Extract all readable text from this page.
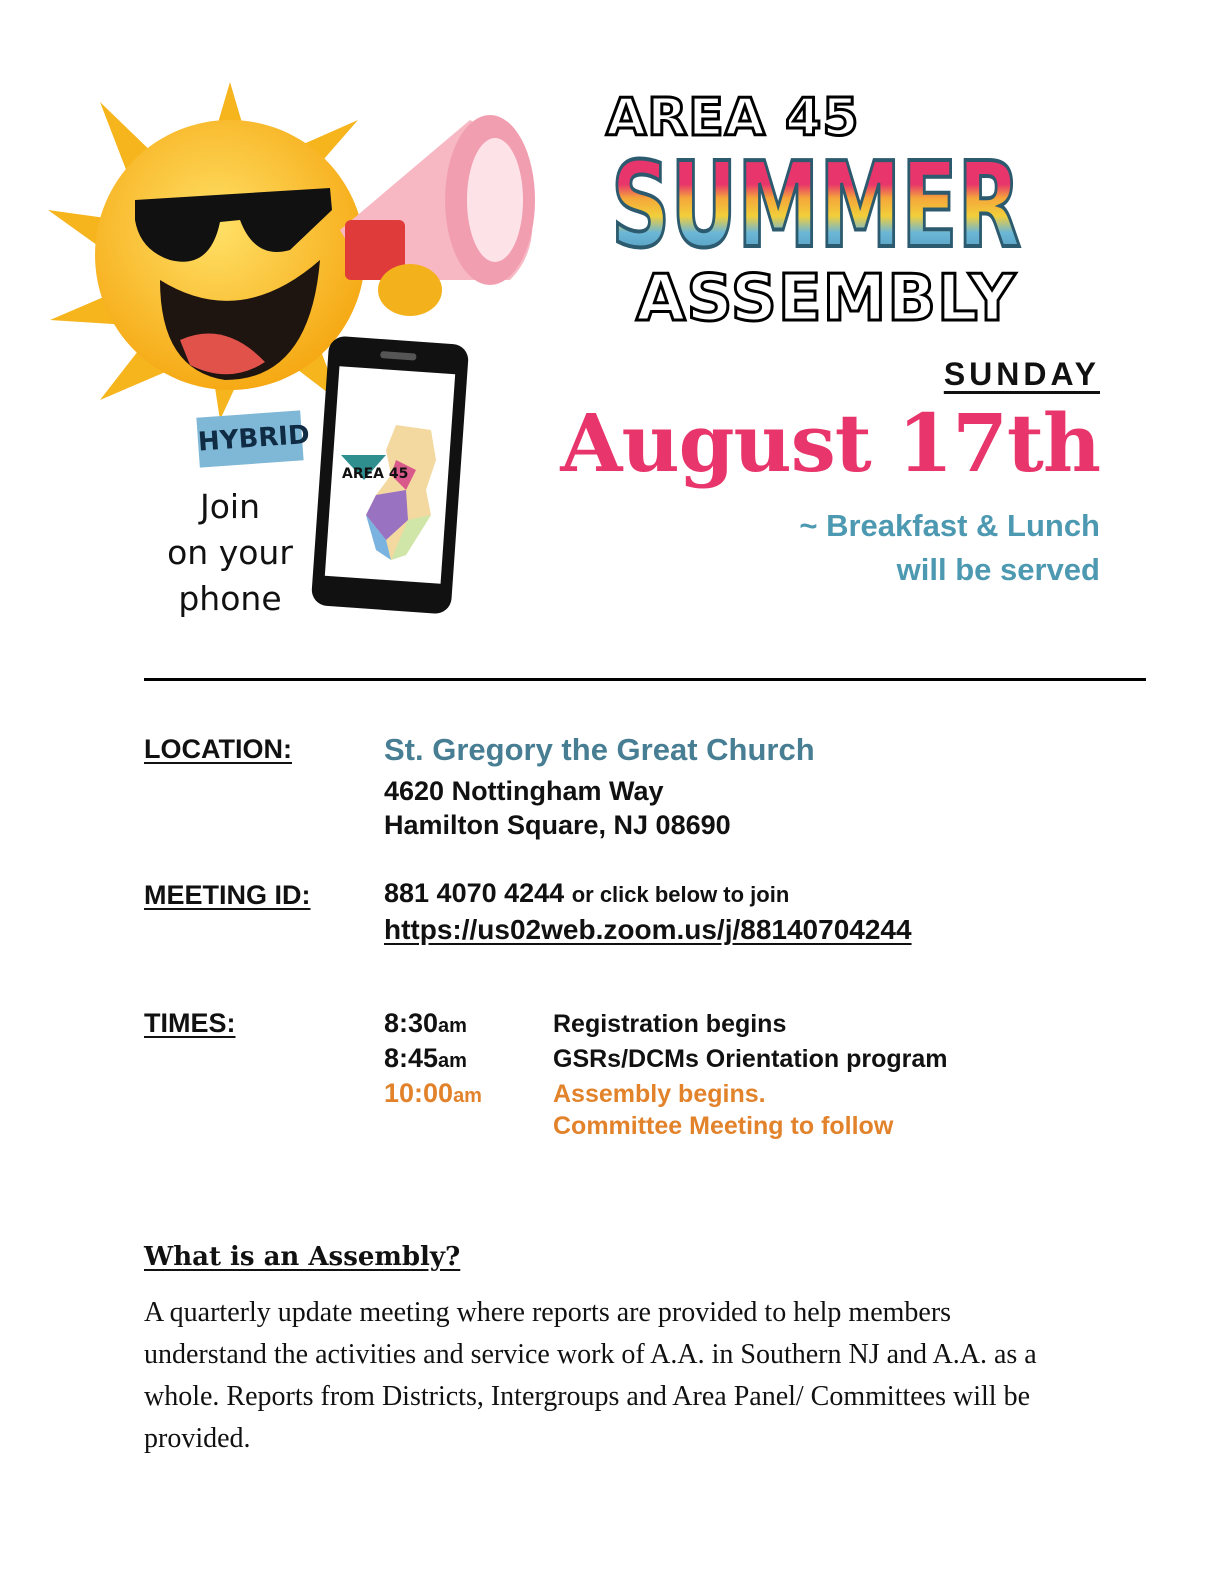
AREA 45
HYBRID
Join
on your
phone
AREA 45
SUMMER
ASSEMBLY
SUNDAY
August 17th
~ Breakfast & Lunch
will be served
LOCATION:	St. Gregory the Great Church
4620 Nottingham Way
Hamilton Square, NJ 08690
MEETING ID:	881 4070 4244 or click below to join
https://us02web.zoom.us/j/88140704244
TIMES:	8:30am	Registration begins
8:45am	GSRs/DCMs Orientation program
10:00am	Assembly begins.
Committee Meeting to follow
What is an Assembly?
A quarterly update meeting where reports are provided to help members understand the activities and service work of A.A. in Southern NJ and A.A. as a whole. Reports from Districts, Intergroups and Area Panel/ Committees will be provided.
